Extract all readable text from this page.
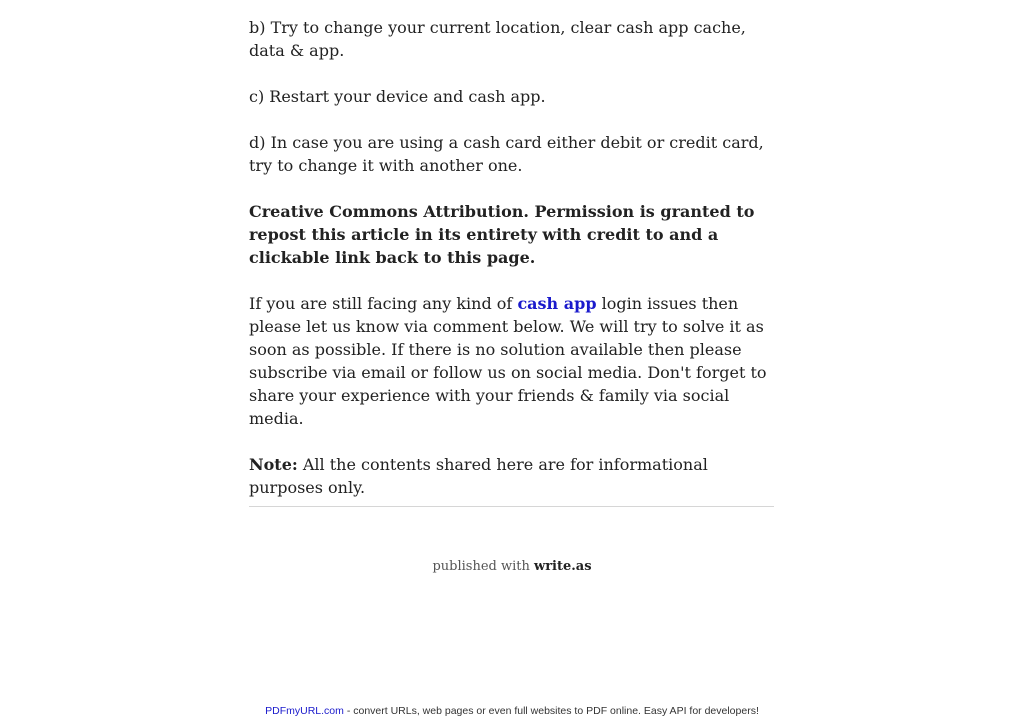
b) Try to change your current location, clear cash app cache, data & app.

c) Restart your device and cash app.

d) In case you are using a cash card either debit or credit card, try to change it with another one.

Creative Commons Attribution. Permission is granted to repost this article in its entirety with credit to and a clickable link back to this page.

If you are still facing any kind of cash app login issues then please let us know via comment below. We will try to solve it as soon as possible. If there is no solution available then please subscribe via email or follow us on social media. Don't forget to share your experience with your friends & family via social media.

Note: All the contents shared here are for informational purposes only.

published with write.as
PDFmyURL.com - convert URLs, web pages or even full websites to PDF online. Easy API for developers!
